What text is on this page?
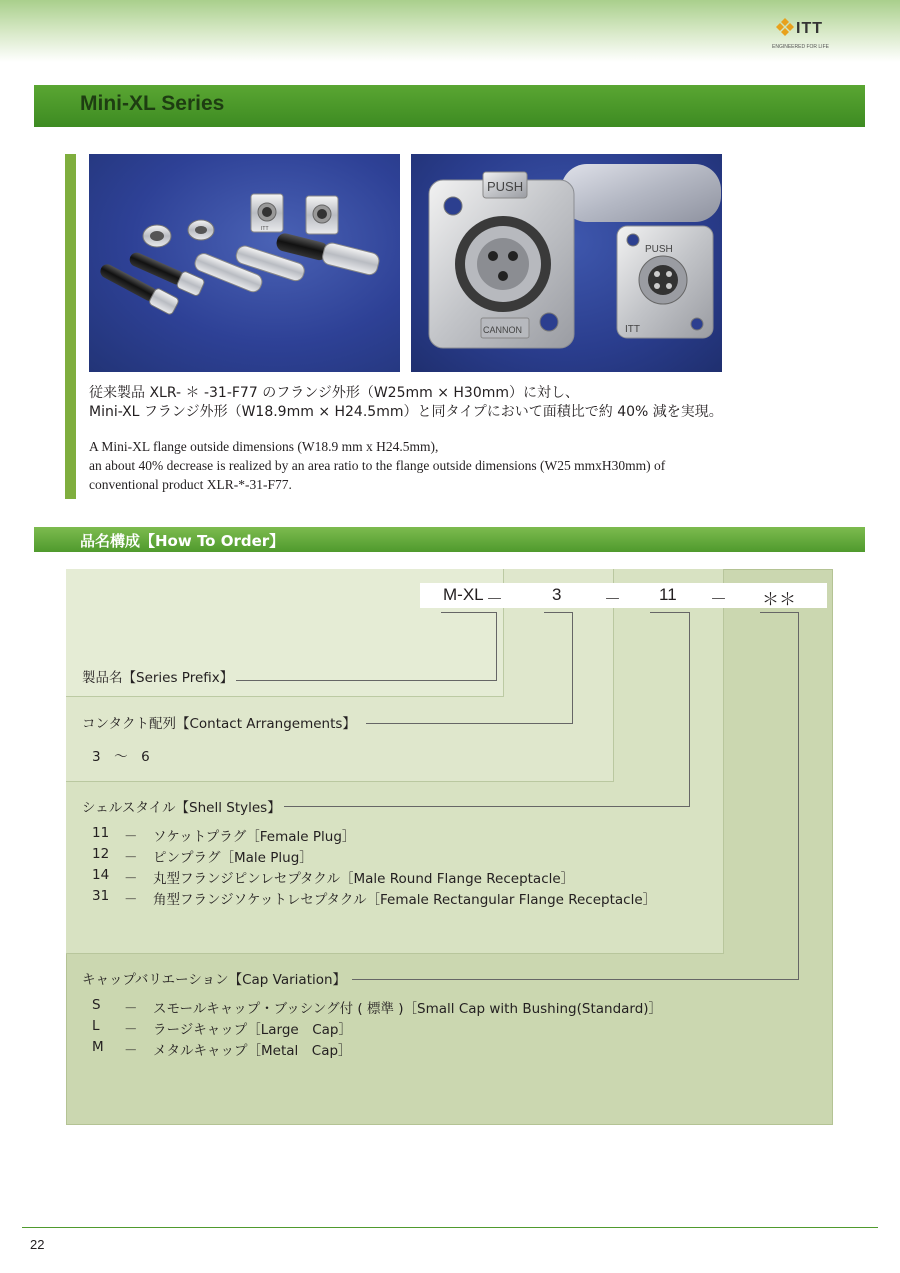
ITT
ENGINEERED FOR LIFE
Mini-XL Series
ITT
PUSH
CANNON
PUSH
ITT
従来製品 XLR- ＊ -31-F77 のフランジ外形（W25mm × H30mm）に対し、
Mini-XL フランジ外形（W18.9mm × H24.5mm）と同タイプにおいて面積比で約 40% 減を実現。
A Mini-XL flange outside dimensions (W18.9 mm x H24.5mm),
an about 40% decrease is realized by an area ratio to the flange outside dimensions (W25 mmxH30mm) of
conventional product XLR-*-31-F77.
品名構成【How To Order】
M-XL －	3	－ 11 － ＊＊
製品名【Series Prefix】
コンタクト配列【Contact Arrangements】
3　～　6
シェルスタイル【Shell Styles】
11 － ソケットプラグ［Female Plug］
12 － ピンプラグ［Male Plug］
14 － 丸型フランジピンレセプタクル［Male Round Flange Receptacle］
31 － 角型フランジソケットレセプタクル［Female Rectangular Flange Receptacle］
キャップバリエーション【Cap Variation】
S － スモールキャップ・ブッシング付 ( 標準 )［Small Cap with Bushing(Standard)］
L － ラージキャップ［Large　Cap］
M － メタルキャップ［Metal　Cap］
22
